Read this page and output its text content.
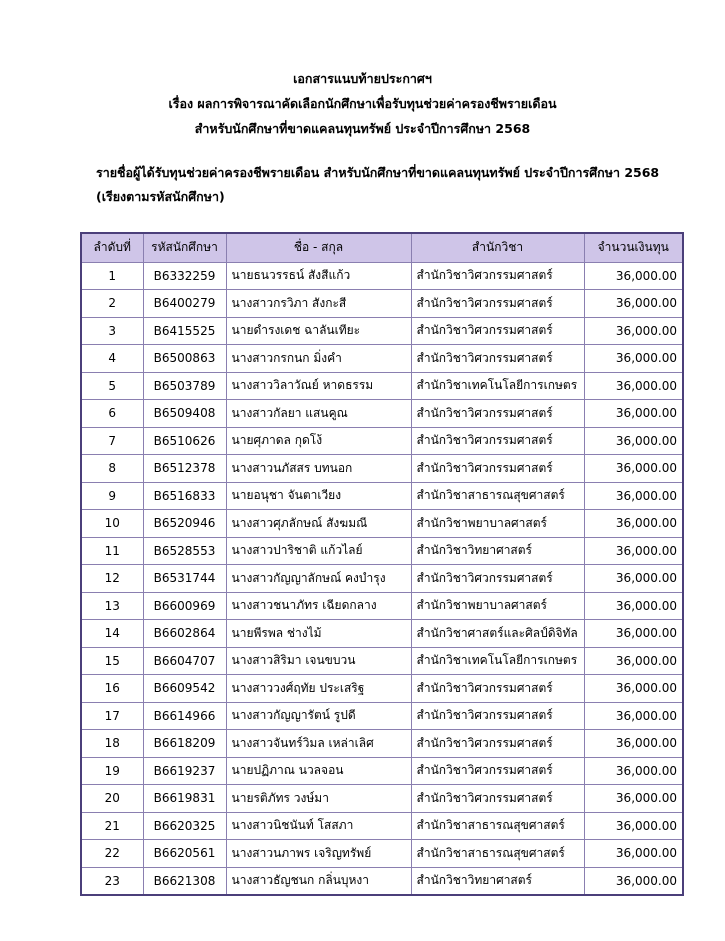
เอกสารแนบท้ายประกาศฯ
เรื่อง ผลการพิจารณาคัดเลือกนักศึกษาเพื่อรับทุนช่วยค่าครองชีพรายเดือน
สำหรับนักศึกษาที่ขาดแคลนทุนทรัพย์ ประจำปีการศึกษา 2568
รายชื่อผู้ได้รับทุนช่วยค่าครองชีพรายเดือน สำหรับนักศึกษาที่ขาดแคลนทุนทรัพย์ ประจำปีการศึกษา 2568
(เรียงตามรหัสนักศึกษา)
ลำดับที่	รหัสนักศึกษา	ชื่อ - สกุล	สำนักวิชา	จำนวนเงินทุน
1	B6332259	นายธนวรรธน์ สังสีแก้ว	สำนักวิชาวิศวกรรมศาสตร์	36,000.00
2	B6400279	นางสาวกรวิภา สังกะสี	สำนักวิชาวิศวกรรมศาสตร์	36,000.00
3	B6415525	นายดำรงเดช ฉาลันเทียะ	สำนักวิชาวิศวกรรมศาสตร์	36,000.00
4	B6500863	นางสาวกรกนก มิ่งคำ	สำนักวิชาวิศวกรรมศาสตร์	36,000.00
5	B6503789	นางสาววิลาวัณย์ หาดธรรม	สำนักวิชาเทคโนโลยีการเกษตร	36,000.00
6	B6509408	นางสาวกัลยา แสนคูณ	สำนักวิชาวิศวกรรมศาสตร์	36,000.00
7	B6510626	นายศุภาดล กุดโง้	สำนักวิชาวิศวกรรมศาสตร์	36,000.00
8	B6512378	นางสาวนภัสสร บทนอก	สำนักวิชาวิศวกรรมศาสตร์	36,000.00
9	B6516833	นายอนุชา จันตาเวียง	สำนักวิชาสาธารณสุขศาสตร์	36,000.00
10	B6520946	นางสาวศุภลักษณ์ สังฆมณี	สำนักวิชาพยาบาลศาสตร์	36,000.00
11	B6528553	นางสาวปาริชาติ แก้วไลย์	สำนักวิชาวิทยาศาสตร์	36,000.00
12	B6531744	นางสาวกัญญาลักษณ์ คงบำรุง	สำนักวิชาวิศวกรรมศาสตร์	36,000.00
13	B6600969	นางสาวชนาภัทร เฉียดกลาง	สำนักวิชาพยาบาลศาสตร์	36,000.00
14	B6602864	นายพีรพล ช่างไม้	สำนักวิชาศาสตร์และศิลป์ดิจิทัล	36,000.00
15	B6604707	นางสาวสิริมา เจนขบวน	สำนักวิชาเทคโนโลยีการเกษตร	36,000.00
16	B6609542	นางสาววงศ์ฤทัย ประเสริฐ	สำนักวิชาวิศวกรรมศาสตร์	36,000.00
17	B6614966	นางสาวกัญญารัตน์ รูปดี	สำนักวิชาวิศวกรรมศาสตร์	36,000.00
18	B6618209	นางสาวจันทร์วิมล เหล่าเลิศ	สำนักวิชาวิศวกรรมศาสตร์	36,000.00
19	B6619237	นายปฏิภาณ นวลจอน	สำนักวิชาวิศวกรรมศาสตร์	36,000.00
20	B6619831	นายรติภัทร วงษ์มา	สำนักวิชาวิศวกรรมศาสตร์	36,000.00
21	B6620325	นางสาวนิชนันท์ โสสภา	สำนักวิชาสาธารณสุขศาสตร์	36,000.00
22	B6620561	นางสาวนภาพร เจริญทรัพย์	สำนักวิชาสาธารณสุขศาสตร์	36,000.00
23	B6621308	นางสาวธัญชนก กลิ่นบุหงา	สำนักวิชาวิทยาศาสตร์	36,000.00
